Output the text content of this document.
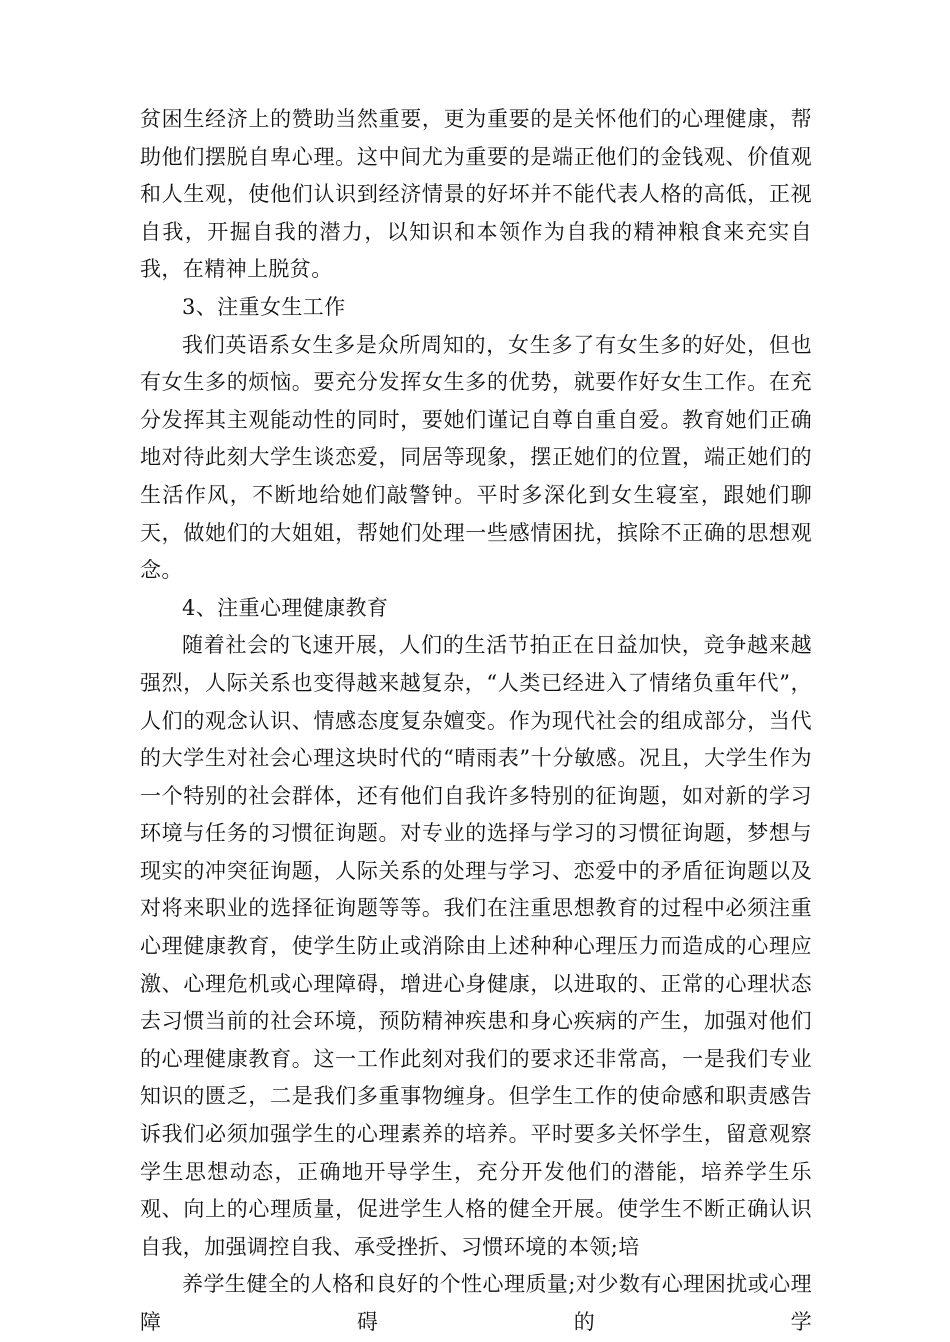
贫困生经济上的赞助当然重要，更为重要的是关怀他们的心理健康，帮助他们摆脱自卑心理。这中间尤为重要的是端正他们的金钱观、价值观和人生观，使他们认识到经济情景的好坏并不能代表人格的高低，正视自我，开掘自我的潜力，以知识和本领作为自我的精神粮食来充实自我，在精神上脱贫。

3、注重女生工作

我们英语系女生多是众所周知的，女生多了有女生多的好处，但也有女生多的烦恼。要充分发挥女生多的优势，就要作好女生工作。在充分发挥其主观能动性的同时，要她们谨记自尊自重自爱。教育她们正确地对待此刻大学生谈恋爱，同居等现象，摆正她们的位置，端正她们的生活作风，不断地给她们敲警钟。平时多深化到女生寝室，跟她们聊天，做她们的大姐姐，帮她们处理一些感情困扰，摈除不正确的思想观念。

4、注重心理健康教育

随着社会的飞速开展，人们的生活节拍正在日益加快，竞争越来越强烈，人际关系也变得越来越复杂，“人类已经进入了情绪负重年代”，人们的观念认识、情感态度复杂嬗变。作为现代社会的组成部分，当代的大学生对社会心理这块时代的“晴雨表”十分敏感。况且，大学生作为一个特别的社会群体，还有他们自我许多特别的征询题，如对新的学习环境与任务的习惯征询题。对专业的选择与学习的习惯征询题，梦想与现实的冲突征询题，人际关系的处理与学习、恋爱中的矛盾征询题以及对将来职业的选择征询题等等。我们在注重思想教育的过程中必须注重心理健康教育，使学生防止或消除由上述种种心理压力而造成的心理应激、心理危机或心理障碍，增进心身健康，以进取的、正常的心理状态去习惯当前的社会环境，预防精神疾患和身心疾病的产生，加强对他们的心理健康教育。这一工作此刻对我们的要求还非常高，一是我们专业知识的匮乏，二是我们多重事物缠身。但学生工作的使命感和职责感告诉我们必须加强学生的心理素养的培养。平时要多关怀学生，留意观察学生思想动态，正确地开导学生，充分开发他们的潜能，培养学生乐观、向上的心理质量，促进学生人格的健全开展。使学生不断正确认识自我，加强调控自我、承受挫折、习惯环境的本领;培

养学生健全的人格和良好的个性心理质量;对少数有心理困扰或心理障碍的学
